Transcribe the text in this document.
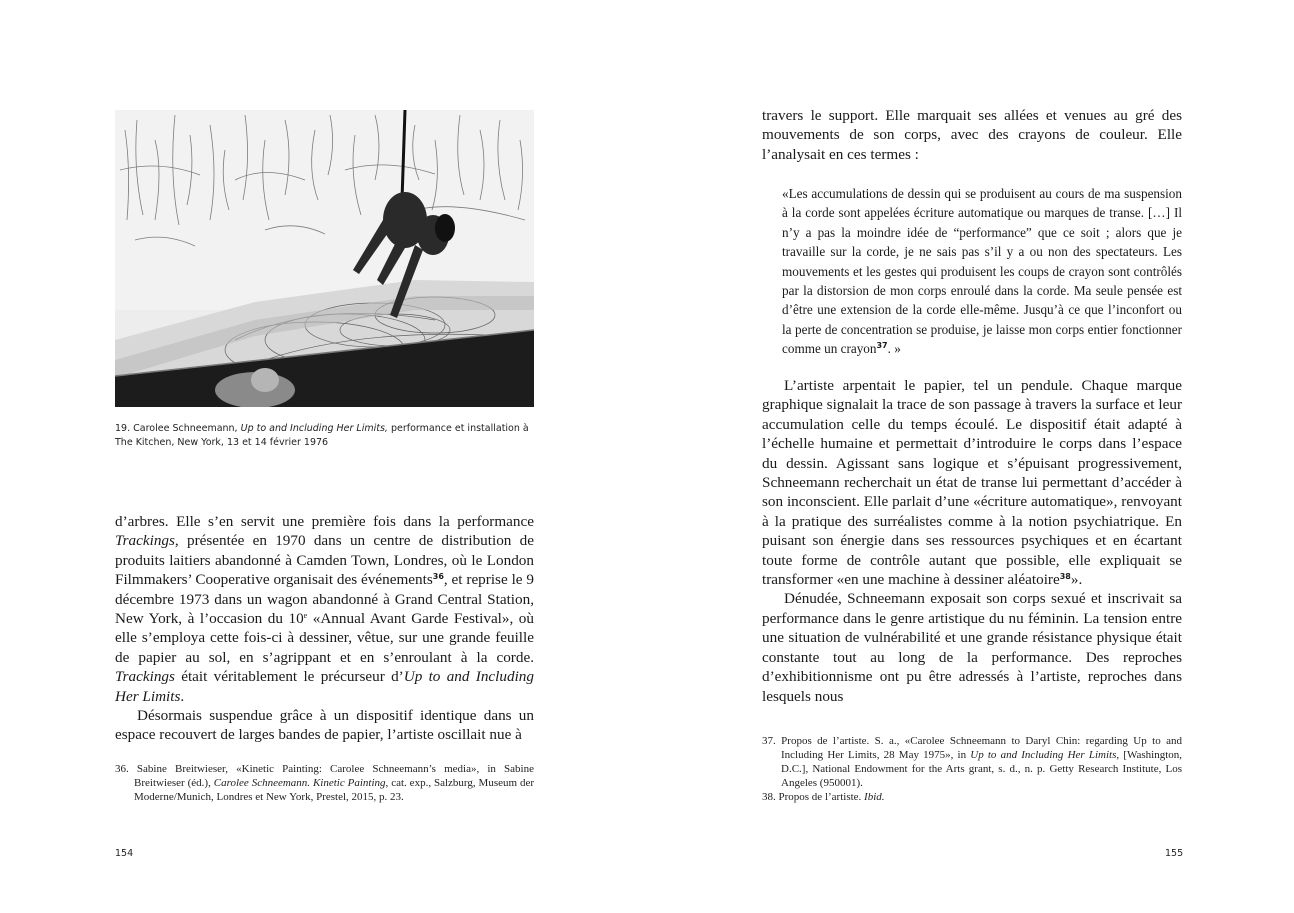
19. Carolee Schneemann, Up to and Including Her Limits, performance et installation à The Kitchen, New York, 13 et 14 février 1976

d’arbres. Elle s’en servit une première fois dans la performance Trackings, présentée en 1970 dans un centre de distribution de produits laitiers abandonné à Camden Town, Londres, où le London Filmmakers’ Cooperative organisait des événements$^{36}$, et reprise le 9 décembre 1973 dans un wagon abandonné à Grand Central Station, New York, à l’occasion du 10e «Annual Avant Garde Festival», où elle s’employa cette fois-ci à dessiner, vêtue, sur une grande feuille de papier au sol, en s’agrippant et en s’enroulant à la corde. Trackings était véritablement le précurseur d’Up to and Including Her Limits.

Désormais suspendue grâce à un dispositif identique dans un espace recouvert de larges bandes de papier, l’artiste oscillait nue à

36. Sabine Breitwieser, «Kinetic Painting: Carolee Schneemann’s media», in Sabine Breitwieser (éd.), Carolee Schneemann. Kinetic Painting, cat. exp., Salzburg, Museum der Moderne/Munich, Londres et New York, Prestel, 2015, p. 23.

154

travers le support. Elle marquait ses allées et venues au gré des mouvements de son corps, avec des crayons de couleur. Elle l’analysait en ces termes :

«Les accumulations de dessin qui se produisent au cours de ma suspension à la corde sont appelées écriture automatique ou marques de transe. […] Il n’y a pas la moindre idée de “performance” que ce soit ; alors que je travaille sur la corde, je ne sais pas s’il y a ou non des spectateurs. Les mouvements et les gestes qui produisent les coups de crayon sont contrôlés par la distorsion de mon corps enroulé dans la corde. Ma seule pensée est d’être une extension de la corde elle-même. Jusqu’à ce que l’inconfort ou la perte de concentration se produise, je laisse mon corps entier fonctionner comme un crayon$^{37}$. »

L’artiste arpentait le papier, tel un pendule. Chaque marque graphique signalait la trace de son passage à travers la surface et leur accumulation celle du temps écoulé. Le dispositif était adapté à l’échelle humaine et permettait d’introduire le corps dans l’espace du dessin. Agissant sans logique et s’épuisant progressivement, Schneemann recherchait un état de transe lui permettant d’accéder à son inconscient. Elle parlait d’une «écriture automatique», renvoyant à la pratique des surréalistes comme à la notion psychiatrique. En puisant son énergie dans ses ressources psychiques et en écartant toute forme de contrôle autant que possible, elle expliquait se transformer «en une machine à dessiner aléatoire$^{38}$».

Dénudée, Schneemann exposait son corps sexué et inscrivait sa performance dans le genre artistique du nu féminin. La tension entre une situation de vulnérabilité et une grande résistance physique était constante tout au long de la performance. Des reproches d’exhibitionnisme ont pu être adressés à l’artiste, reproches dans lesquels nous

37. Propos de l’artiste. S. a., «Carolee Schneemann to Daryl Chin: regarding Up to and Including Her Limits, 28 May 1975», in Up to and Including Her Limits, [Washington, D.C.], National Endowment for the Arts grant, s. d., n. p. Getty Research Institute, Los Angeles (950001).

38. Propos de l’artiste. Ibid.

155
